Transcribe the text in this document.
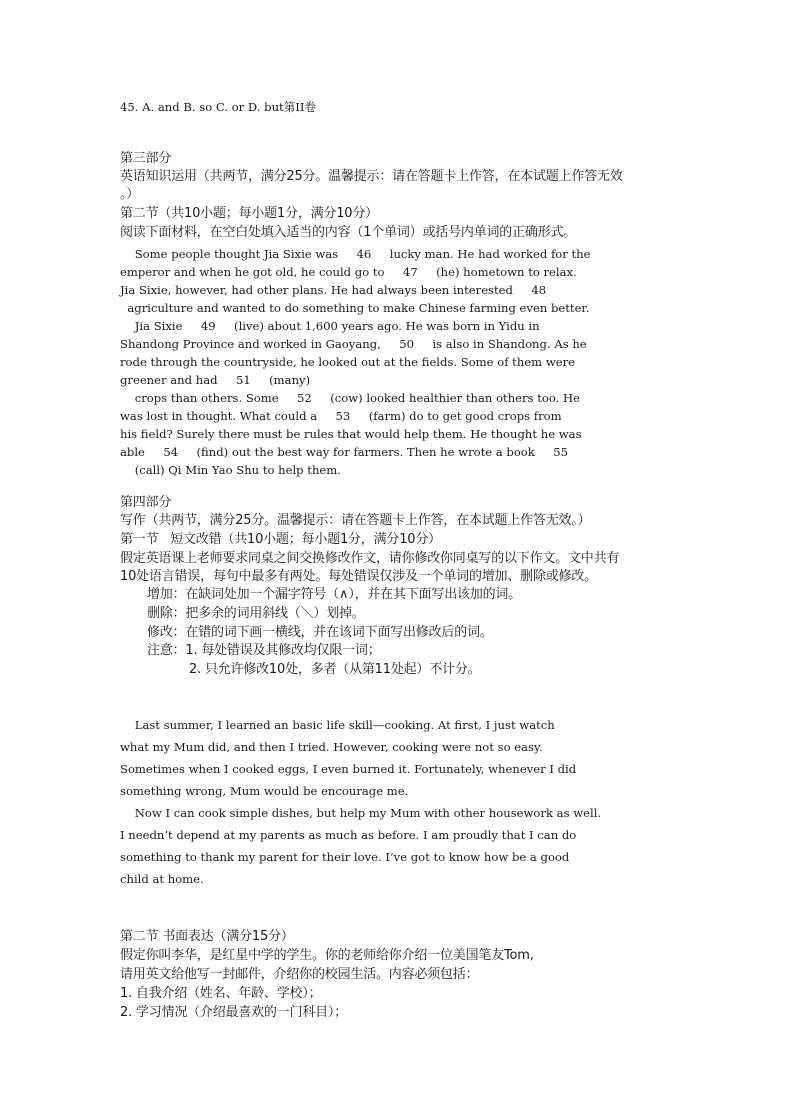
45. A. and B. so C. or D. but第II卷
第三部分
英语知识运用（共两节，满分25分。温馨提示：请在答题卡上作答，在本试题上作答无效
。）
第二节（共10小题；每小题1分，满分10分）
阅读下面材料，在空白处填入适当的内容（1个单词）或括号内单词的正确形式。
Some people thought Jia Sixie was     46     lucky man. He had worked for the
emperor and when he got old, he could go to     47     (he) hometown to relax.
Jia Sixie, however, had other plans. He had always been interested     48
agriculture and wanted to do something to make Chinese farming even better.
Jia Sixie     49     (live) about 1,600 years ago. He was born in Yidu in
Shandong Province and worked in Gaoyang,     50     is also in Shandong. As he
rode through the countryside, he looked out at the fields. Some of them were
greener and had     51     (many)
crops than others. Some     52     (cow) looked healthier than others too. He
was lost in thought. What could a     53     (farm) do to get good crops from
his field? Surely there must be rules that would help them. He thought he was
able     54     (find) out the best way for farmers. Then he wrote a book     55
(call) Qi Min Yao Shu to help them.
第四部分
写作（共两节，满分25分。温馨提示：请在答题卡上作答，在本试题上作答无效。）
第一节   短文改错（共10小题；每小题1分，满分10分）
假定英语课上老师要求同桌之间交换修改作文，请你修改你同桌写的以下作文。文中共有
10处语言错误，每句中最多有两处。每处错误仅涉及一个单词的增加、删除或修改。
增加：在缺词处加一个漏字符号（∧），并在其下面写出该加的词。
删除：把多余的词用斜线（＼）划掉。
修改：在错的词下画一横线，并在该词下面写出修改后的词。
注意：1. 每处错误及其修改均仅限一词；
2. 只允许修改10处，多者（从第11处起）不计分。
Last summer, I learned an basic life skill—cooking. At first, I just watch
what my Mum did, and then I tried. However, cooking were not so easy.
Sometimes when I cooked eggs, I even burned it. Fortunately, whenever I did
something wrong, Mum would be encourage me.
Now I can cook simple dishes, but help my Mum with other housework as well.
I needn’t depend at my parents as much as before. I am proudly that I can do
something to thank my parent for their love. I’ve got to know how be a good
child at home.
第二节 书面表达（满分15分）
假定你叫李华，是红星中学的学生。你的老师给你介绍一位美国笔友Tom,
请用英文给他写一封邮件，介绍你的校园生活。内容必须包括：
1. 自我介绍（姓名、年龄、学校）；
2. 学习情况（介绍最喜欢的一门科目）；
